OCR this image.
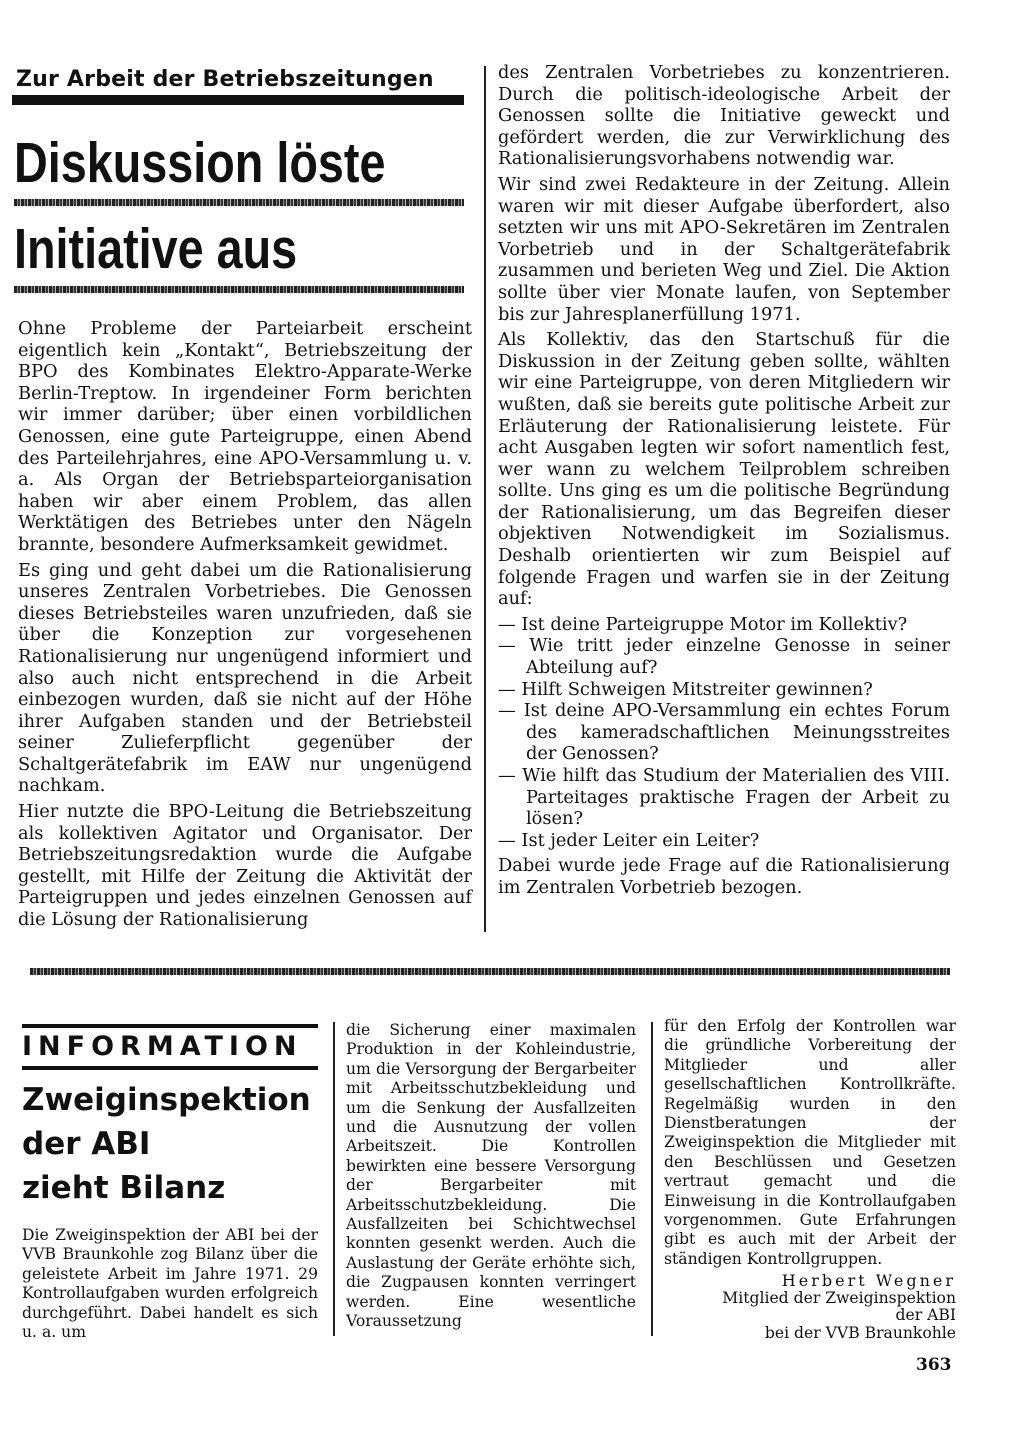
Zur Arbeit der Betriebszeitungen
Diskussion löste
Initiative aus

Ohne Probleme der Parteiarbeit erscheint eigentlich kein „Kontakt“, Betriebszeitung der BPO des Kombinates Elektro-Apparate-Werke Berlin-Treptow. In irgendeiner Form berichten wir immer darüber; über einen vorbildlichen Genossen, eine gute Parteigruppe, einen Abend des Parteilehrjahres, eine APO-Versammlung u. v. a. Als Organ der Betriebsparteiorganisation haben wir aber einem Problem, das allen Werktätigen des Betriebes unter den Nägeln brannte, besondere Aufmerksamkeit gewidmet.

Es ging und geht dabei um die Rationalisierung unseres Zentralen Vorbetriebes. Die Genossen dieses Betriebsteiles waren unzufrieden, daß sie über die Konzeption zur vorgesehenen Rationalisierung nur ungenügend informiert und also auch nicht entsprechend in die Arbeit einbezogen wurden, daß sie nicht auf der Höhe ihrer Aufgaben standen und der Betriebsteil seiner Zulieferpflicht gegenüber der Schaltgerätefabrik im EAW nur ungenügend nachkam.

Hier nutzte die BPO-Leitung die Betriebszeitung als kollektiven Agitator und Organisator. Der Betriebszeitungsredaktion wurde die Aufgabe gestellt, mit Hilfe der Zeitung die Aktivität der Parteigruppen und jedes einzelnen Genossen auf die Lösung der Rationalisierung

des Zentralen Vorbetriebes zu konzentrieren. Durch die politisch-ideologische Arbeit der Genossen sollte die Initiative geweckt und gefördert werden, die zur Verwirklichung des Rationalisierungsvorhabens notwendig war.

Wir sind zwei Redakteure in der Zeitung. Allein waren wir mit dieser Aufgabe überfordert, also setzten wir uns mit APO-Sekretären im Zentralen Vorbetrieb und in der Schaltgerätefabrik zusammen und berieten Weg und Ziel. Die Aktion sollte über vier Monate laufen, von September bis zur Jahresplanerfüllung 1971.

Als Kollektiv, das den Startschuß für die Diskussion in der Zeitung geben sollte, wählten wir eine Parteigruppe, von deren Mitgliedern wir wußten, daß sie bereits gute politische Arbeit zur Erläuterung der Rationalisierung leistete. Für acht Ausgaben legten wir sofort namentlich fest, wer wann zu welchem Teilproblem schreiben sollte. Uns ging es um die politische Begründung der Rationalisierung, um das Begreifen dieser objektiven Notwendigkeit im Sozialismus. Deshalb orientierten wir zum Beispiel auf folgende Fragen und warfen sie in der Zeitung auf:

— Ist deine Parteigruppe Motor im Kollektiv?
— Wie tritt jeder einzelne Genosse in seiner Abteilung auf?
— Hilft Schweigen Mitstreiter gewinnen?
— Ist deine APO-Versammlung ein echtes Forum des kameradschaftlichen Meinungsstreites der Genossen?
— Wie hilft das Studium der Materialien des VIII. Parteitages praktische Fragen der Arbeit zu lösen?
— Ist jeder Leiter ein Leiter?

Dabei wurde jede Frage auf die Rationalisierung im Zentralen Vorbetrieb bezogen.

INFORMATION
Zweiginspektion
der ABI
zieht Bilanz
Die Zweiginspektion der ABI bei der VVB Braunkohle zog Bilanz über die geleistete Arbeit im Jahre 1971. 29 Kontrollaufgaben wurden erfolgreich durchgeführt. Dabei handelt es sich u. a. um
die Sicherung einer maximalen Produktion in der Kohleindustrie, um die Versorgung der Bergarbeiter mit Arbeitsschutzbekleidung und um die Senkung der Ausfallzeiten und die Ausnutzung der vollen Arbeitszeit. Die Kontrollen bewirkten eine bessere Versorgung der Bergarbeiter mit Arbeitsschutzbekleidung. Die Ausfallzeiten bei Schichtwechsel konnten gesenkt werden. Auch die Auslastung der Geräte erhöhte sich, die Zugpausen konnten verringert werden. Eine wesentliche Voraussetzung
für den Erfolg der Kontrollen war die gründliche Vorbereitung der Mitglieder und aller gesellschaftlichen Kontrollkräfte. Regelmäßig wurden in den Dienstberatungen der Zweiginspektion die Mitglieder mit den Beschlüssen und Gesetzen vertraut gemacht und die Einweisung in die Kontrollaufgaben vorgenommen. Gute Erfahrungen gibt es auch mit der Arbeit der ständigen Kontrollgruppen.
Herbert Wegner
Mitglied der Zweiginspektion
der ABI
bei der VVB Braunkohle
363
